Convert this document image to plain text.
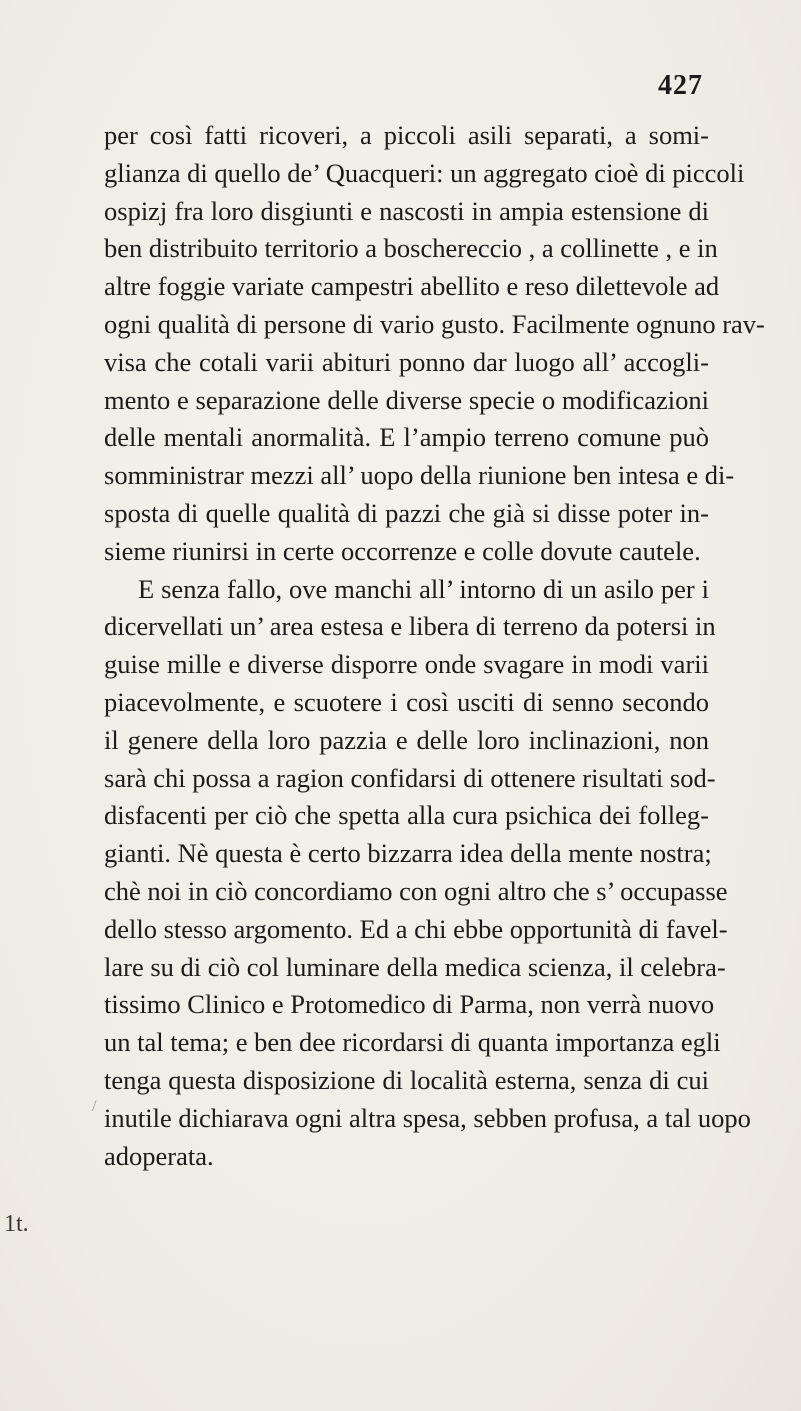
427
per così fatti ricoveri, a piccoli asili separati, a somi-
glianza di quello de’ Quacqueri: un aggregato cioè di piccoli
ospizj fra loro disgiunti e nascosti in ampia estensione di
ben distribuito territorio a boschereccio , a collinette , e in
altre foggie variate campestri abellito e reso dilettevole ad
ogni qualità di persone di vario gusto. Facilmente ognuno rav-
visa che cotali varii abituri ponno dar luogo all’ accogli-
mento e separazione delle diverse specie o modificazioni
delle mentali anormalità. E l’ampio terreno comune può
somministrar mezzi all’ uopo della riunione ben intesa e di-
sposta di quelle qualità di pazzi che già si disse poter in-
sieme riunirsi in certe occorrenze e colle dovute cautele.
E senza fallo, ove manchi all’ intorno di un asilo per i
dicervellati un’ area estesa e libera di terreno da potersi in
guise mille e diverse disporre onde svagare in modi varii
piacevolmente, e scuotere i così usciti di senno secondo
il genere della loro pazzia e delle loro inclinazioni, non
sarà chi possa a ragion confidarsi di ottenere risultati sod-
disfacenti per ciò che spetta alla cura psichica dei folleg-
gianti. Nè questa è certo bizzarra idea della mente nostra;
chè noi in ciò concordiamo con ogni altro che s’ occupasse
dello stesso argomento. Ed a chi ebbe opportunità di favel-
lare su di ciò col luminare della medica scienza, il celebra-
tissimo Clinico e Protomedico di Parma, non verrà nuovo
un tal tema; e ben dee ricordarsi di quanta importanza egli
tenga questa disposizione di località esterna, senza di cui
inutile dichiarava ogni altra spesa, sebben profusa, a tal uopo
adoperata.
/
1t.
